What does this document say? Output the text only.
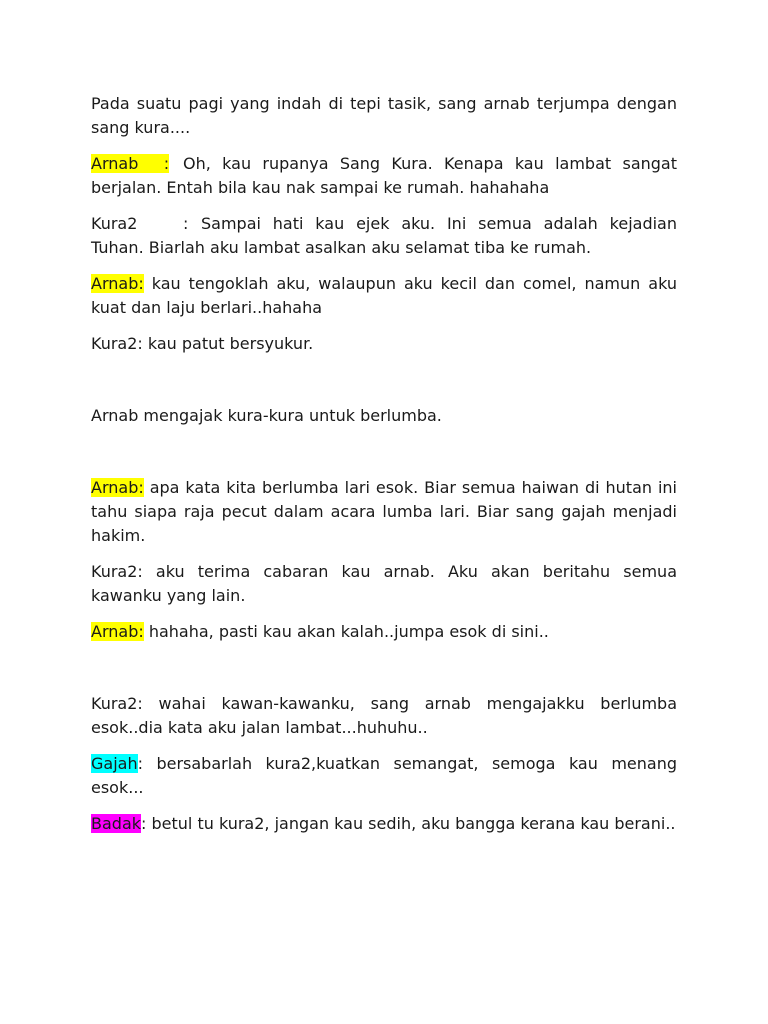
Pada suatu pagi yang indah di tepi tasik, sang arnab terjumpa dengan sang kura....

Arnab : Oh, kau rupanya Sang Kura. Kenapa kau lambat sangat berjalan. Entah bila kau nak sampai ke rumah. hahahaha

Kura2	: Sampai hati kau ejek aku. Ini semua adalah kejadian Tuhan. Biarlah aku lambat asalkan aku selamat tiba ke rumah.

Arnab: kau tengoklah aku, walaupun aku kecil dan comel, namun aku kuat dan laju berlari..hahaha

Kura2: kau patut bersyukur.

Arnab mengajak kura-kura untuk berlumba.

Arnab: apa kata kita berlumba lari esok. Biar semua haiwan di hutan ini tahu siapa raja pecut dalam acara lumba lari. Biar sang gajah menjadi hakim.

Kura2: aku terima cabaran kau arnab. Aku akan beritahu semua kawanku yang lain.

Arnab: hahaha, pasti kau akan kalah..jumpa esok di sini..

Kura2: wahai kawan-kawanku, sang arnab mengajakku berlumba esok..dia kata aku jalan lambat...huhuhu..

Gajah: bersabarlah kura2,kuatkan semangat, semoga kau menang esok...

Badak: betul tu kura2, jangan kau sedih, aku bangga kerana kau berani..
